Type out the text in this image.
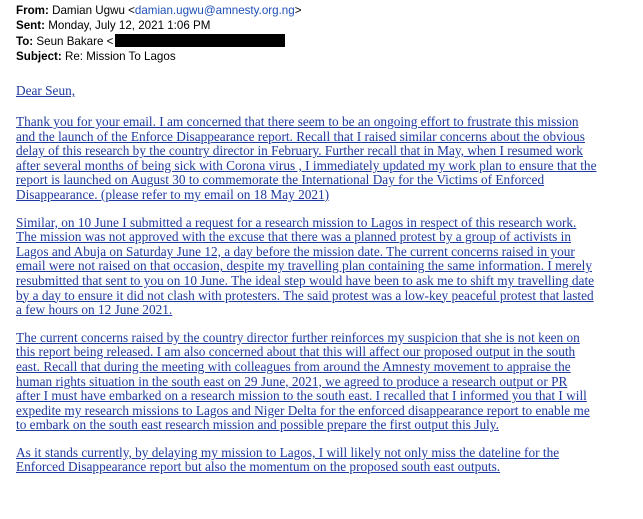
From: Damian Ugwu <damian.ugwu@amnesty.org.ng>
Sent: Monday, July 12, 2021 1:06 PM
To: Seun Bakare <
Subject: Re: Mission To Lagos
Dear Seun,
Thank you for your email. I am concerned that there seem to be an ongoing effort to frustrate this mission
and the launch of the Enforce Disappearance report. Recall that I raised similar concerns about the obvious
delay of this research by the country director in February. Further recall that in May, when I resumed work
after several months of being sick with Corona virus , I immediately updated my work plan to ensure that the
report is launched on August 30 to commemorate the International Day for the Victims of Enforced
Disappearance. (please refer to my email on 18 May 2021)
Similar, on 10 June I submitted a request for a research mission to Lagos in respect of this research work.
The mission was not approved with the excuse that there was a planned protest by a group of activists in
Lagos and Abuja on Saturday June 12, a day before the mission date. The current concerns raised in your
email were not raised on that occasion, despite my travelling plan containing the same information. I merely
resubmitted that sent to you on 10 June. The ideal step would have been to ask me to shift my travelling date
by a day to ensure it did not clash with protesters. The said protest was a low-key peaceful protest that lasted
a few hours on 12 June 2021.
The current concerns raised by the country director further reinforces my suspicion that she is not keen on
this report being released. I am also concerned about that this will affect our proposed output in the south
east. Recall that during the meeting with colleagues from around the Amnesty movement to appraise the
human rights situation in the south east on 29 June, 2021, we agreed to produce a research output or PR
after I must have embarked on a research mission to the south east. I recalled that I informed you that I will
expedite my research missions to Lagos and Niger Delta for the enforced disappearance report to enable me
to embark on the south east research mission and possible prepare the first output this July.
As it stands currently, by delaying my mission to Lagos, I will likely not only miss the dateline for the
Enforced Disappearance report but also the momentum on the proposed south east outputs.
